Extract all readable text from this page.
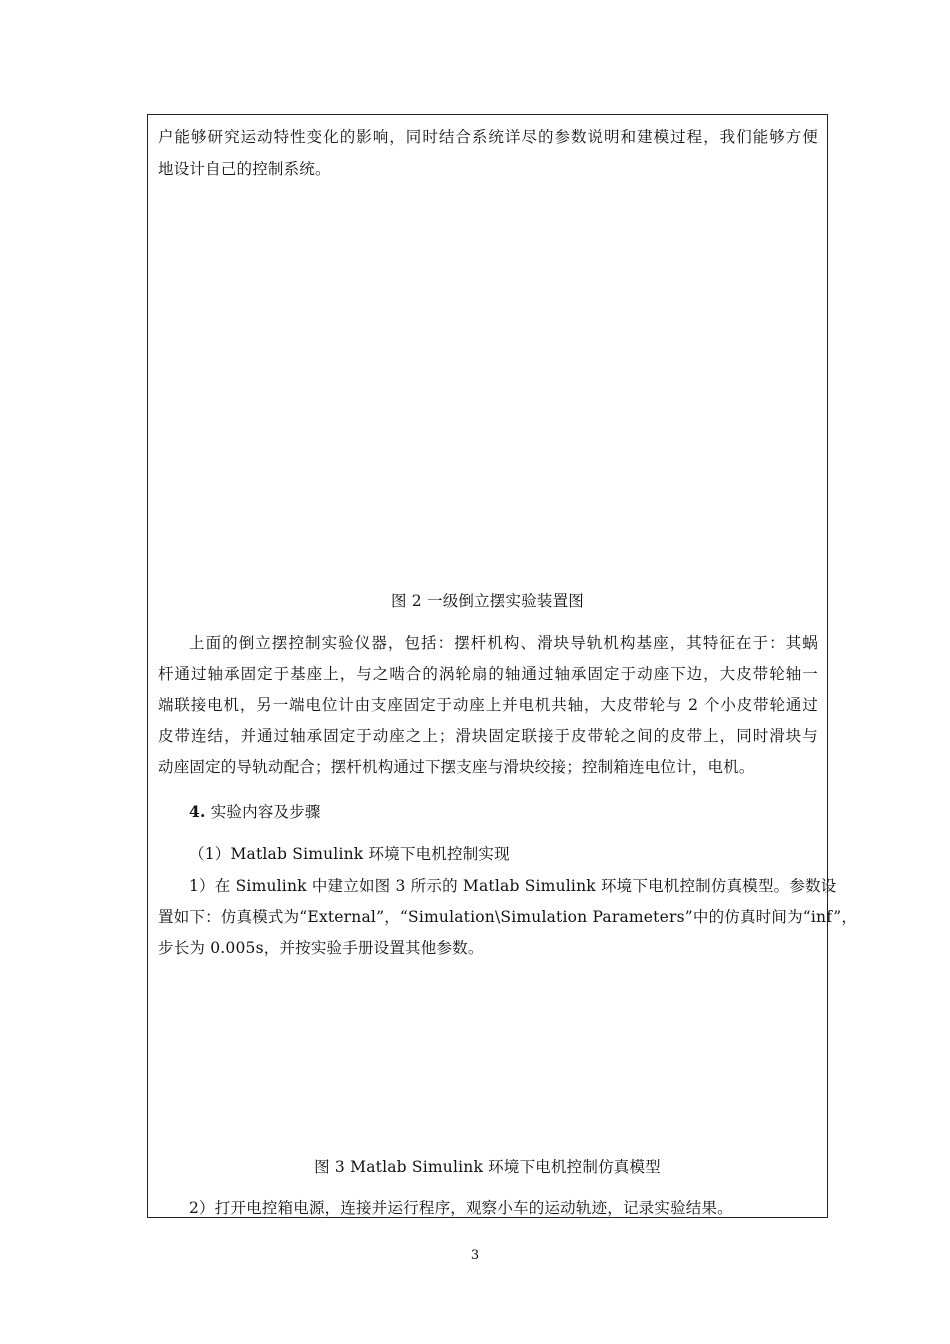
户能够研究运动特性变化的影响，同时结合系统详尽的参数说明和建模过程，我们能够方便
地设计自己的控制系统。
图 2 一级倒立摆实验装置图
上面的倒立摆控制实验仪器，包括：摆杆机构、滑块导轨机构基座，其特征在于：其蜗
杆通过轴承固定于基座上，与之啮合的涡轮扇的轴通过轴承固定于动座下边，大皮带轮轴一
端联接电机，另一端电位计由支座固定于动座上并电机共轴，大皮带轮与 2 个小皮带轮通过
皮带连结，并通过轴承固定于动座之上；滑块固定联接于皮带轮之间的皮带上，同时滑块与
动座固定的导轨动配合；摆杆机构通过下摆支座与滑块绞接；控制箱连电位计，电机。
4. 实验内容及步骤
（1）Matlab Simulink 环境下电机控制实现
1）在 Simulink 中建立如图 3 所示的 Matlab Simulink 环境下电机控制仿真模型。参数设
置如下：仿真模式为“External”，“Simulation\Simulation Parameters”中的仿真时间为“inf”，
步长为 0.005s，并按实验手册设置其他参数。
图 3 Matlab Simulink 环境下电机控制仿真模型
2）打开电控箱电源，连接并运行程序，观察小车的运动轨迹，记录实验结果。
3
